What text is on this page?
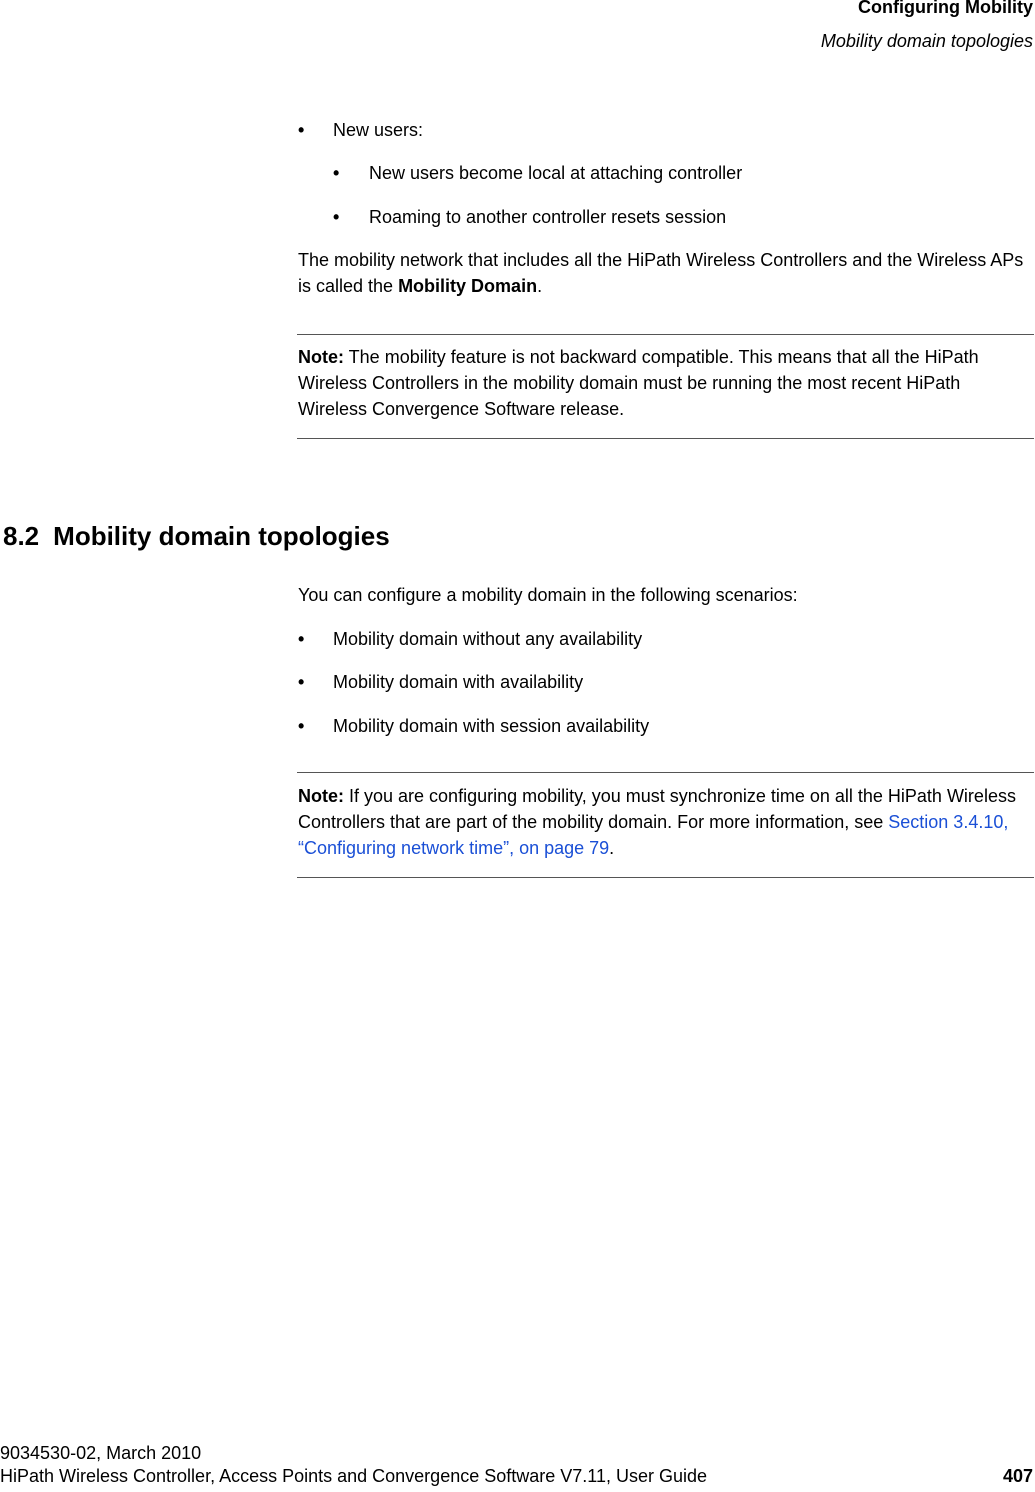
Configuring Mobility
Mobility domain topologies
• New users:
• New users become local at attaching controller
• Roaming to another controller resets session

The mobility network that includes all the HiPath Wireless Controllers and the Wireless APs is called the Mobility Domain.

Note: The mobility feature is not backward compatible. This means that all the HiPath Wireless Controllers in the mobility domain must be running the most recent HiPath Wireless Convergence Software release.

8.2 Mobility domain topologies
You can configure a mobility domain in the following scenarios:
• Mobility domain without any availability
• Mobility domain with availability
• Mobility domain with session availability

Note: If you are configuring mobility, you must synchronize time on all the HiPath Wireless Controllers that are part of the mobility domain. For more information, see Section 3.4.10, “Configuring network time”, on page 79.

9034530-02, March 2010
HiPath Wireless Controller, Access Points and Convergence Software V7.11, User Guide	407
